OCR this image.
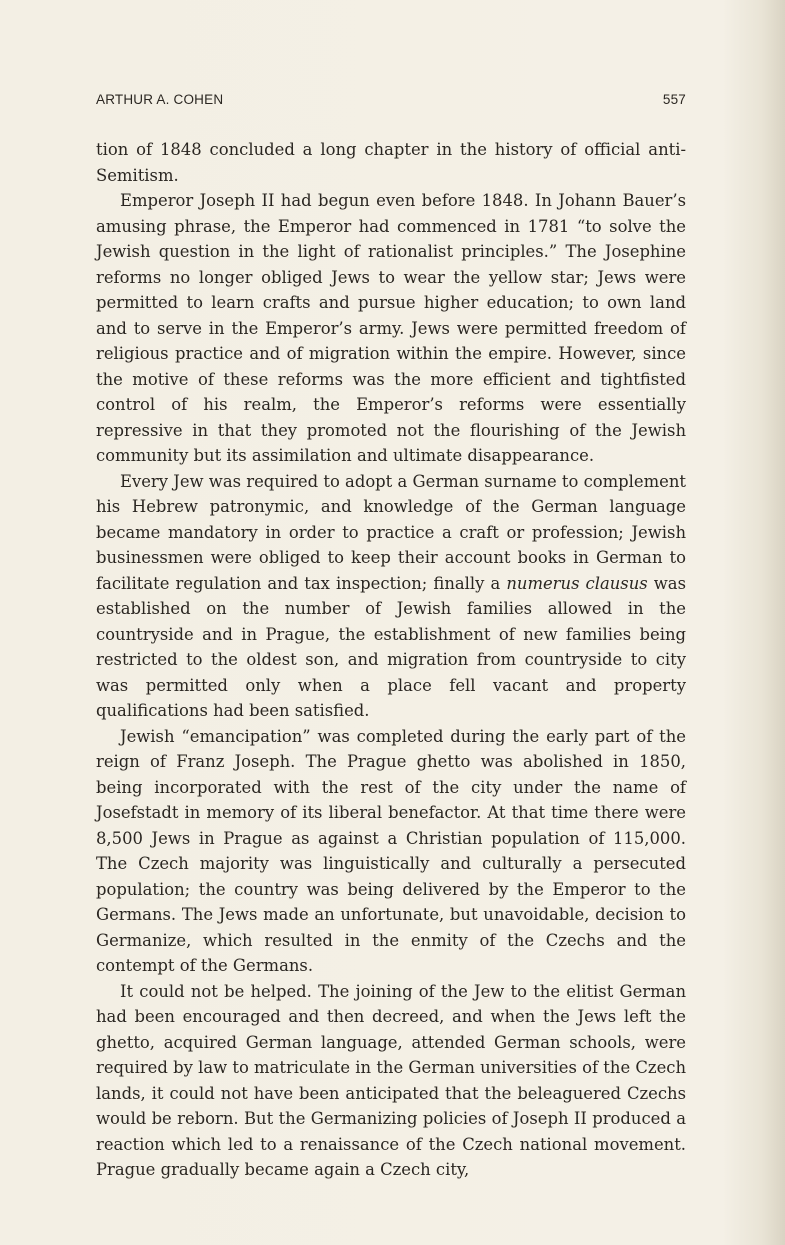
ARTHUR A. COHEN	557

tion of 1848 concluded a long chapter in the history of official anti-Semitism.

Emperor Joseph II had begun even before 1848. In Johann Bauer’s amusing phrase, the Emperor had commenced in 1781 “to solve the Jewish question in the light of rationalist principles.” The Josephine reforms no longer obliged Jews to wear the yellow star; Jews were permitted to learn crafts and pursue higher education; to own land and to serve in the Emperor’s army. Jews were permitted freedom of religious practice and of migration within the empire. However, since the motive of these reforms was the more efficient and tightfisted control of his realm, the Emperor’s reforms were essentially repressive in that they promoted not the flourishing of the Jewish community but its assimilation and ultimate disappearance.

Every Jew was required to adopt a German surname to complement his Hebrew patronymic, and knowledge of the German language became mandatory in order to practice a craft or profession; Jewish businessmen were obliged to keep their account books in German to facilitate regulation and tax inspection; finally a numerus clausus was established on the number of Jewish families allowed in the countryside and in Prague, the establishment of new families being restricted to the oldest son, and migration from countryside to city was permitted only when a place fell vacant and property qualifications had been satisfied.

Jewish “emancipation” was completed during the early part of the reign of Franz Joseph. The Prague ghetto was abolished in 1850, being incorporated with the rest of the city under the name of Josefstadt in memory of its liberal benefactor. At that time there were 8,500 Jews in Prague as against a Christian population of 115,000. The Czech majority was linguistically and culturally a persecuted population; the country was being delivered by the Emperor to the Germans. The Jews made an unfortunate, but unavoidable, decision to Germanize, which resulted in the enmity of the Czechs and the contempt of the Germans.

It could not be helped. The joining of the Jew to the elitist German had been encouraged and then decreed, and when the Jews left the ghetto, acquired German language, attended German schools, were required by law to matriculate in the German universities of the Czech lands, it could not have been anticipated that the beleaguered Czechs would be reborn. But the Germanizing policies of Joseph II produced a reaction which led to a renaissance of the Czech national movement. Prague gradually became again a Czech city,
